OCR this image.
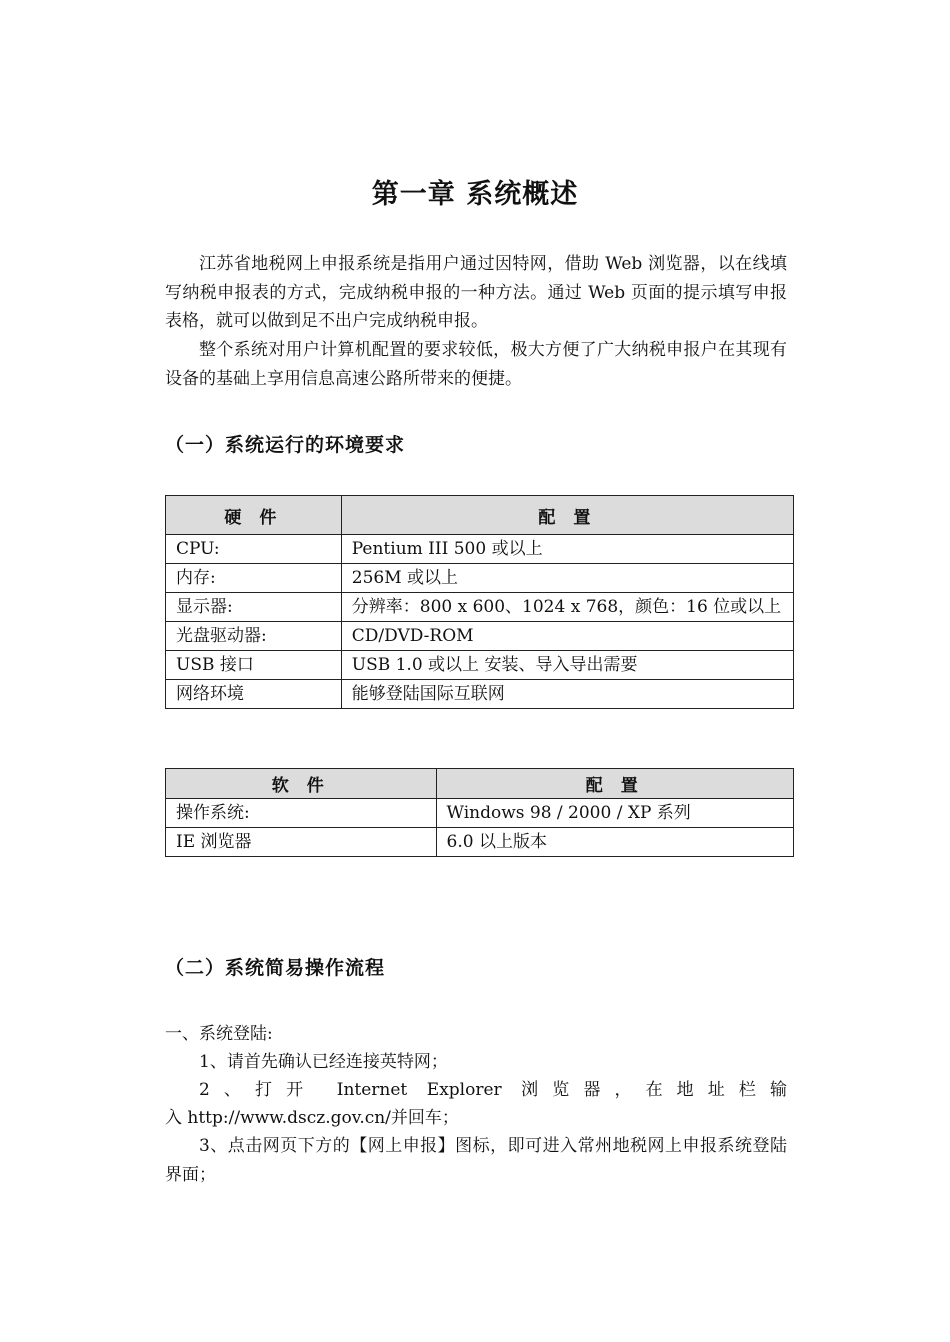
第一章 系统概述
江苏省地税网上申报系统是指用户通过因特网，借助 Web 浏览器，以在线填写纳税申报表的方式，完成纳税申报的一种方法。通过 Web 页面的提示填写申报表格，就可以做到足不出户完成纳税申报。
整个系统对用户计算机配置的要求较低，极大方便了广大纳税申报户在其现有设备的基础上享用信息高速公路所带来的便捷。
（一）系统运行的环境要求
硬 件	配 置
CPU:	Pentium III 500 或以上
内存:	256M 或以上
显示器:	分辨率：800 x 600、1024 x 768，颜色：16 位或以上
光盘驱动器:	CD/DVD-ROM
USB 接口	USB 1.0 或以上 安装、导入导出需要
网络环境	能够登陆国际互联网
软 件	配 置
操作系统:	Windows 98 / 2000 / XP 系列
IE 浏览器	6.0 以上版本
（二）系统简易操作流程
一、系统登陆:
1、请首先确认已经连接英特网；
2、打开 Internet Explorer 浏览器，在地址栏输
入 http://www.dscz.gov.cn/并回车；
3、点击网页下方的【网上申报】图标，即可进入常州地税网上申报系统登陆界面；
